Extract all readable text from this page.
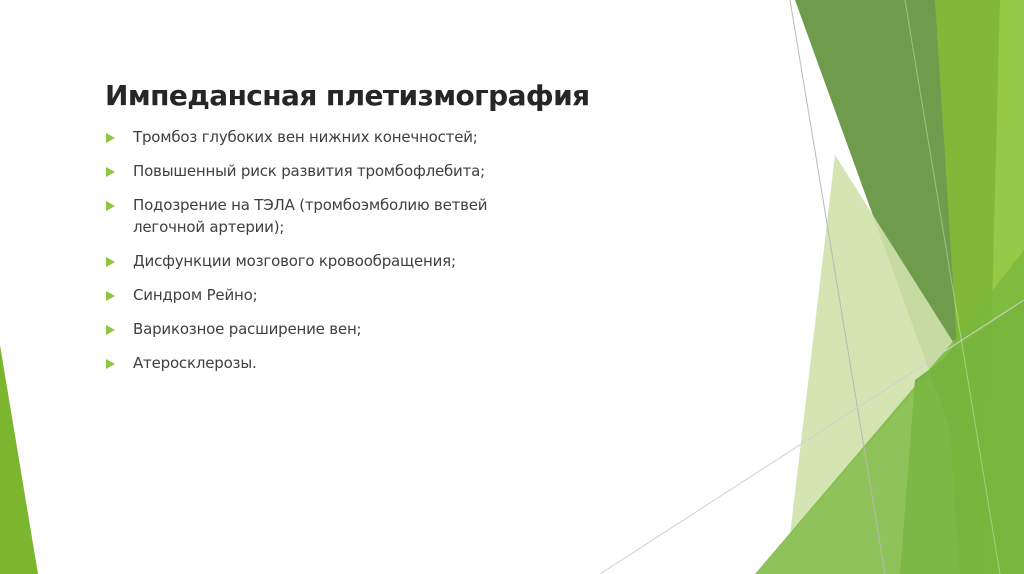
Импедансная плетизмография
Тромбоз глубоких вен нижних конечностей;
Повышенный риск развития тромбофлебита;
Подозрение на ТЭЛА (тромбоэмболию ветвей легочной артерии);
Дисфункции мозгового кровообращения;
Синдром Рейно;
Варикозное расширение вен;
Атеросклерозы.
